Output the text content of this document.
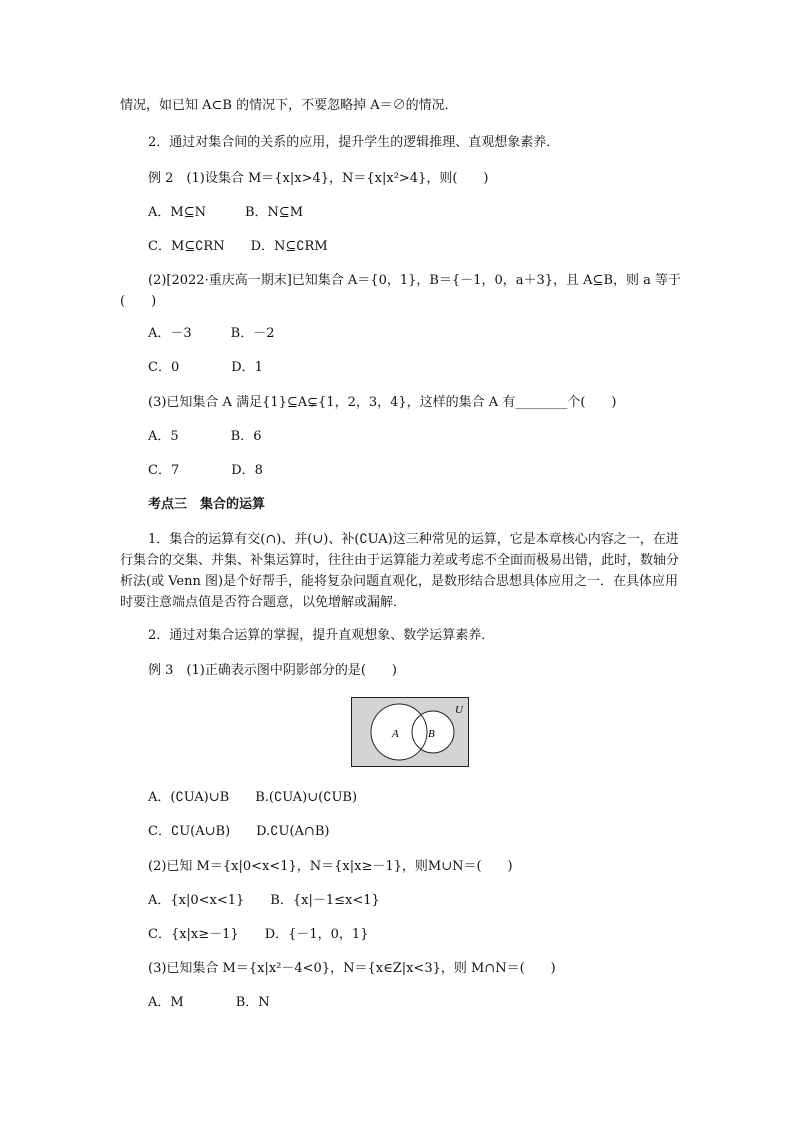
情况，如已知 A⊂B 的情况下，不要忽略掉 A＝∅的情况．
2．通过对集合间的关系的应用，提升学生的逻辑推理、直观想象素养．
例 2　(1)设集合 M＝{x|x>4}，N＝{x|x²>4}，则(　　)
A．M⊆N　　　B．N⊆M
C．M⊆∁RN　　D．N⊆∁RM
(2)[2022·重庆高一期末]已知集合 A＝{0，1}，B＝{－1，0，a＋3}，且 A⊆B，则 a 等于
(　　)
A．－3　　　B．－2
C．0　　　　D．1
(3)已知集合 A 满足{1}⊆A⊊{1，2，3，4}，这样的集合 A 有________个(　　)
A．5　　　　B．6
C．7　　　　D．8
考点三　集合的运算
1．集合的运算有交(∩)、并(∪)、补(∁UA)这三种常见的运算，它是本章核心内容之一，在进行集合的交集、并集、补集运算时，往往由于运算能力差或考虑不全面而极易出错，此时，数轴分析法(或 Venn 图)是个好帮手，能将复杂问题直观化，是数形结合思想具体应用之一．在具体应用时要注意端点值是否符合题意，以免增解或漏解．
2．通过对集合运算的掌握，提升直观想象、数学运算素养．
例 3　(1)正确表示图中阴影部分的是(　　)
U
A	B
A．(∁UA)∪B　　B.(∁UA)∪(∁UB)
C．∁U(A∪B)　　D.∁U(A∩B)
(2)已知 M＝{x|0<x<1}，N＝{x|x≥－1}，则M∪N＝(　　)
A．{x|0<x<1}　　B．{x|－1≤x<1}
C．{x|x≥－1}　　D．{－1，0，1}
(3)已知集合 M＝{x|x²－4<0}，N＝{x∈Z|x<3}，则 M∩N＝(　　)
A．M　　　　B．N
